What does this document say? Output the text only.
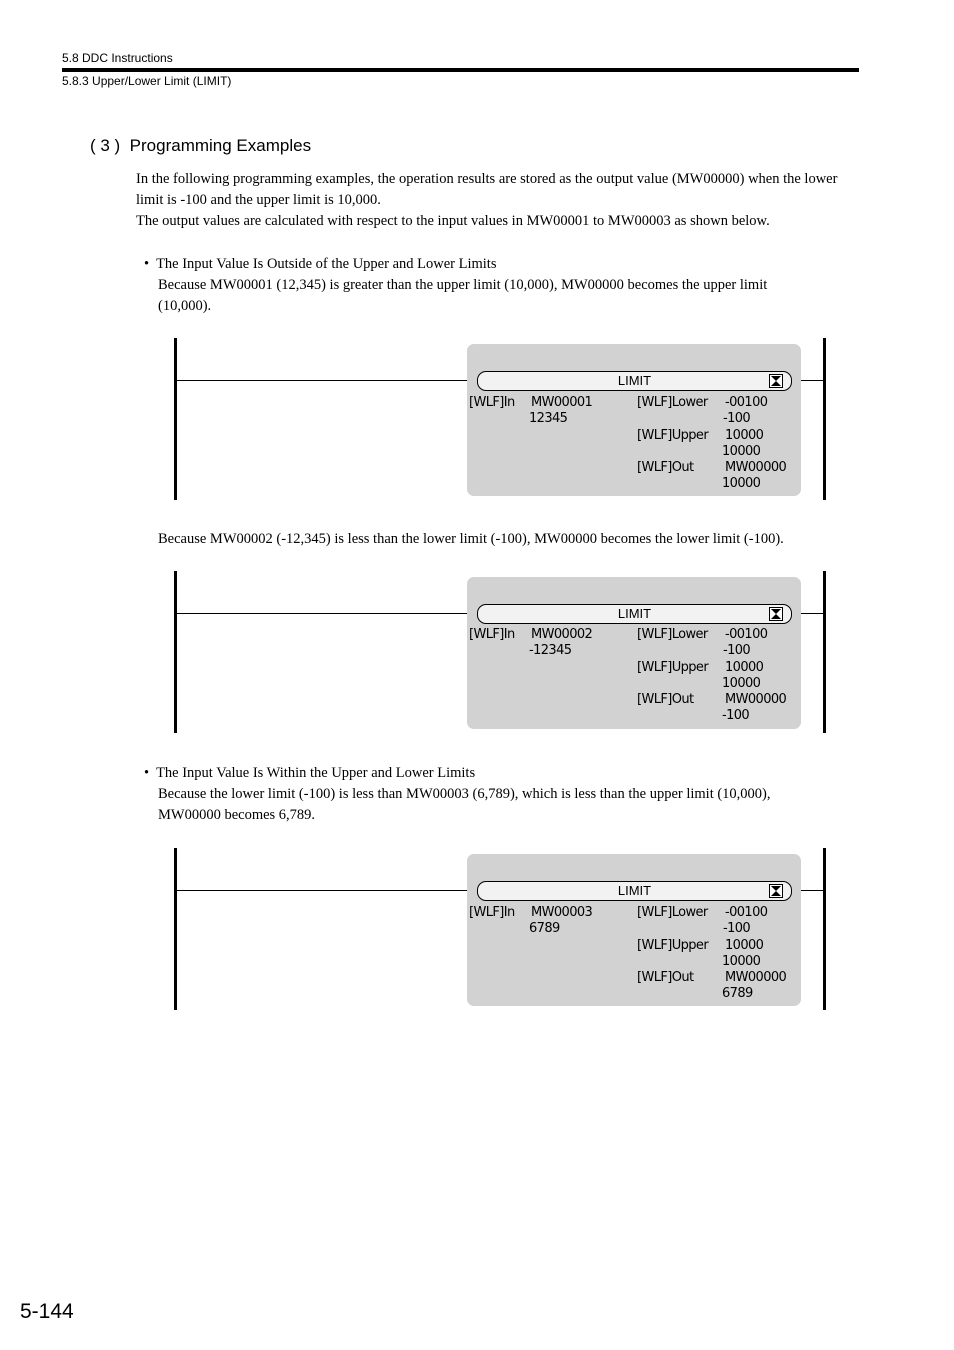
5.8 DDC Instructions
5.8.3 Upper/Lower Limit (LIMIT)
( 3 )  Programming Examples
In the following programming examples, the operation results are stored as the output value (MW00000) when the lower limit is -100 and the upper limit is 10,000.
The output values are calculated with respect to the input values in MW00001 to MW00003 as shown below.
•  The Input Value Is Outside of the Upper and Lower Limits
Because MW00001 (12,345) is greater than the upper limit (10,000), MW00000 becomes the upper limit (10,000).
LIMIT
[WLF]In MW00001
12345
[WLF]Lower -00100
-100
[WLF]Upper 10000
10000
[WLF]Out MW00000
10000
Because MW00002 (-12,345) is less than the lower limit (-100), MW00000 becomes the lower limit (-100).
LIMIT
[WLF]In MW00002
-12345
[WLF]Lower -00100
-100
[WLF]Upper 10000
10000
[WLF]Out MW00000
-100
•  The Input Value Is Within the Upper and Lower Limits
Because the lower limit (-100) is less than MW00003 (6,789), which is less than the upper limit (10,000), MW00000 becomes 6,789.
LIMIT
[WLF]In MW00003
6789
[WLF]Lower -00100
-100
[WLF]Upper 10000
10000
[WLF]Out MW00000
6789
5-144
